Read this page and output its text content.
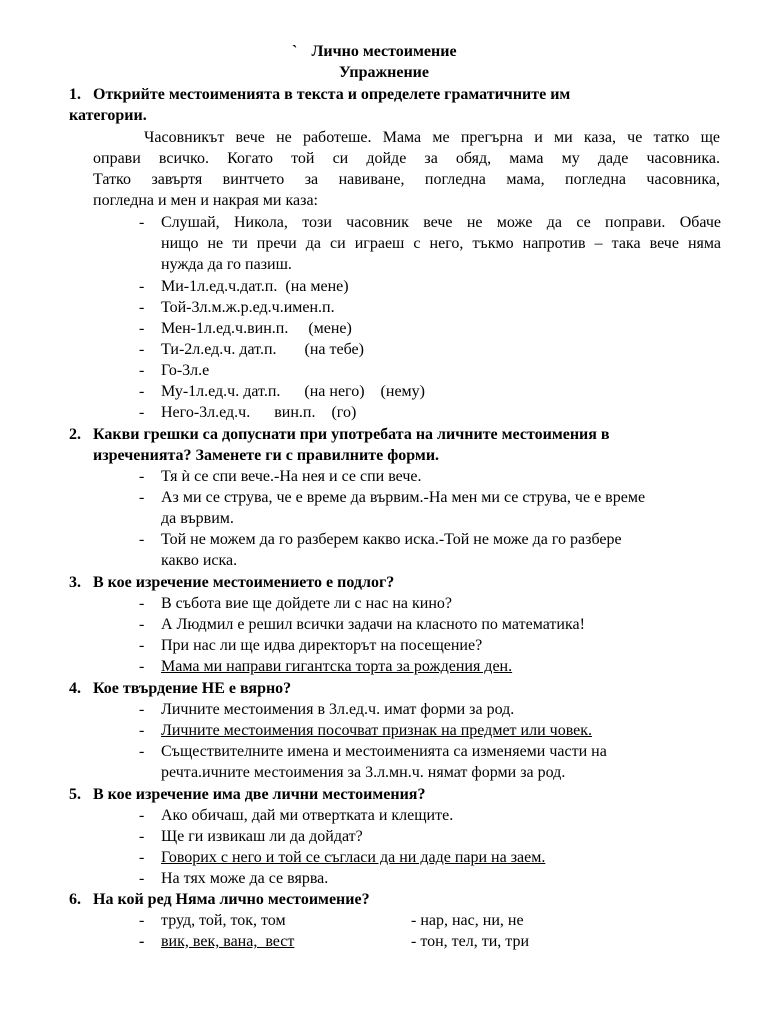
` Лично местоимение
Упражнение
1. Открийте местоименията в текста и определете граматичните им
категории.
Часовникът вече не работеше. Мама ме прегърна и ми каза, че татко ще
оправи всичко. Когато той си дойде за обяд, мама му даде часовника.
Татко завъртя винтчето за навиване, погледна мама, погледна часовника,
погледна и мен и накрая ми каза:
- Слушай, Никола, този часовник вече не може да се поправи. Обаче
нищо не ти пречи да си играеш с него, тъкмо напротив – така вече няма
нужда да го пазиш.
- Ми-1л.ед.ч.дат.п.  (на мене)
- Той-3л.м.ж.р.ед.ч.имен.п.
- Мен-1л.ед.ч.вин.п.     (мене)
- Ти-2л.ед.ч. дат.п.       (на тебе)
- Го-3л.е
- Му-1л.ед.ч. дат.п.      (на него)    (нему)
- Него-3л.ед.ч.      вин.п.    (го)
2. Какви грешки са допуснати при употребата на личните местоимения в
изреченията? Заменете ги с правилните форми.
- Тя ѝ се спи вече.-На нея и се спи вече.
- Аз ми се струва, че е време да вървим.-На мен ми се струва, че е време
да вървим.
- Той не можем да го разберем какво иска.-Той не може да го разбере
какво иска.
3. В кое изречение местоимението е подлог?
- В събота вие ще дойдете ли с нас на кино?
- А Людмил е решил всички задачи на класното по математика!
- При нас ли ще идва директорът на посещение?
- Мама ми направи гигантска торта за рождения ден.
4. Кое твърдение НЕ е вярно?
- Личните местоимения в 3л.ед.ч. имат форми за род.
- Личните местоимения посочват признак на предмет или човек.
- Съществителните имена и местоименията са изменяеми части на
речта.ичните местоимения за 3.л.мн.ч. нямат форми за род.
5. В кое изречение има две лични местоимения?
- Ако обичаш, дай ми отвертката и клещите.
- Ще ги извикаш ли да дойдат?
- Говорих с него и той се съгласи да ни даде пари на заем.
- На тях може да се вярва.
6. На кой ред Няма лично местоимение?
- труд, той, ток, том	- нар, нас, ни, не
- вик, век, вана,  вест	- тон, тел, ти, три
